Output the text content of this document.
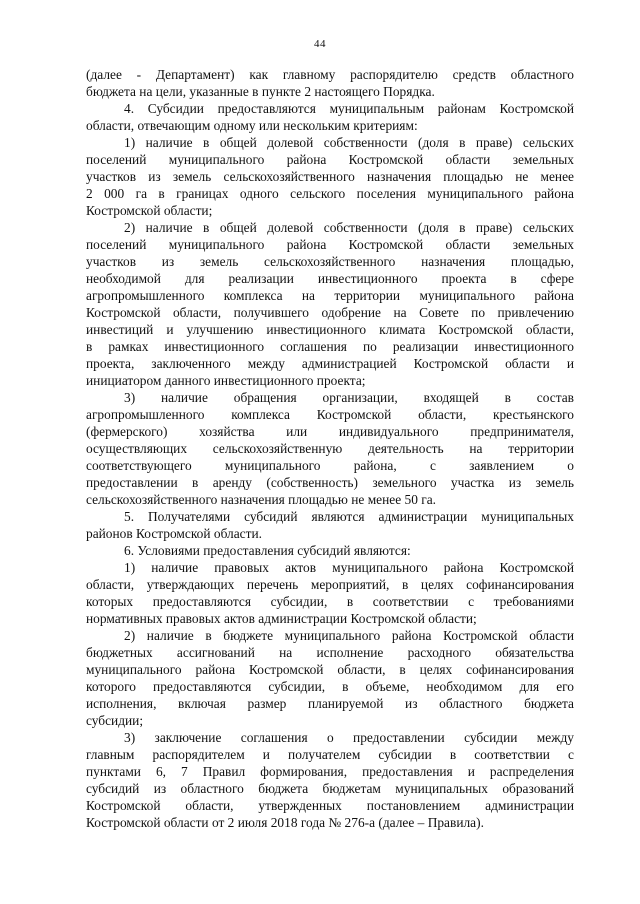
44
(далее - Департамент) как главному распорядителю средств областного
бюджета на цели, указанные в пункте 2 настоящего Порядка.
4. Субсидии предоставляются муниципальным районам Костромской
области, отвечающим одному или нескольким критериям:
1) наличие в общей долевой собственности (доля в праве) сельских
поселений муниципального района Костромской области земельных
участков из земель сельскохозяйственного назначения площадью не менее
2 000 га в границах одного сельского поселения муниципального района
Костромской области;
2) наличие в общей долевой собственности (доля в праве) сельских
поселений муниципального района Костромской области земельных
участков из земель сельскохозяйственного назначения площадью,
необходимой для реализации инвестиционного проекта в сфере
агропромышленного комплекса на территории муниципального района
Костромской области, получившего одобрение на Совете по привлечению
инвестиций и улучшению инвестиционного климата Костромской области,
в рамках инвестиционного соглашения по реализации инвестиционного
проекта, заключенного между администрацией Костромской области и
инициатором данного инвестиционного проекта;
3) наличие обращения организации, входящей в состав
агропромышленного комплекса Костромской области, крестьянского
(фермерского) хозяйства или индивидуального предпринимателя,
осуществляющих сельскохозяйственную деятельность на территории
соответствующего муниципального района, с заявлением о
предоставлении в аренду (собственность) земельного участка из земель
сельскохозяйственного назначения площадью не менее 50 га.
5. Получателями субсидий являются администрации муниципальных
районов Костромской области.
6. Условиями предоставления субсидий являются:
1) наличие правовых актов муниципального района Костромской
области, утверждающих перечень мероприятий, в целях софинансирования
которых предоставляются субсидии, в соответствии с требованиями
нормативных правовых актов администрации Костромской области;
2) наличие в бюджете муниципального района Костромской области
бюджетных ассигнований на исполнение расходного обязательства
муниципального района Костромской области, в целях софинансирования
которого предоставляются субсидии, в объеме, необходимом для его
исполнения, включая размер планируемой из областного бюджета
субсидии;
3) заключение соглашения о предоставлении субсидии между
главным распорядителем и получателем субсидии в соответствии с
пунктами 6, 7 Правил формирования, предоставления и распределения
субсидий из областного бюджета бюджетам муниципальных образований
Костромской области, утвержденных постановлением администрации
Костромской области от 2 июля 2018 года № 276-а (далее – Правила).
